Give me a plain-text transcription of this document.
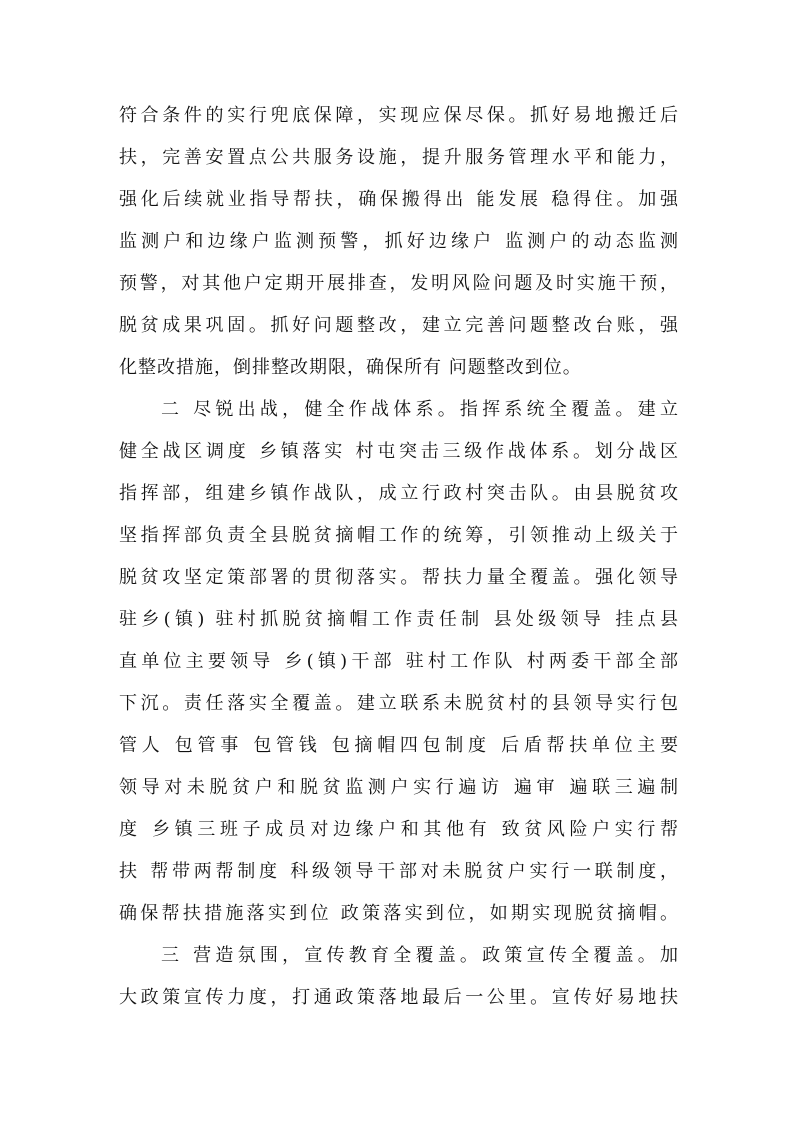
符合条件的实行兜底保障，实现应保尽保。抓好易地搬迁后
扶，完善安置点公共服务设施，提升服务管理水平和能力，
强化后续就业指导帮扶，确保搬得出 能发展 稳得住。加强
监测户和边缘户监测预警，抓好边缘户 监测户的动态监测
预警，对其他户定期开展排查，发明风险问题及时实施干预，
脱贫成果巩固。抓好问题整改，建立完善问题整改台账，强
化整改措施，倒排整改期限，确保所有 问题整改到位。
二 尽锐出战，健全作战体系。指挥系统全覆盖。建立
健全战区调度 乡镇落实 村屯突击三级作战体系。划分战区
指挥部，组建乡镇作战队，成立行政村突击队。由县脱贫攻
坚指挥部负责全县脱贫摘帽工作的统筹，引领推动上级关于
脱贫攻坚定策部署的贯彻落实。帮扶力量全覆盖。强化领导
驻乡(镇) 驻村抓脱贫摘帽工作责任制 县处级领导 挂点县
直单位主要领导 乡(镇)干部 驻村工作队 村两委干部全部
下沉。责任落实全覆盖。建立联系未脱贫村的县领导实行包
管人 包管事 包管钱 包摘帽四包制度 后盾帮扶单位主要
领导对未脱贫户和脱贫监测户实行遍访 遍审 遍联三遍制
度 乡镇三班子成员对边缘户和其他有 致贫风险户实行帮
扶 帮带两帮制度 科级领导干部对未脱贫户实行一联制度，
确保帮扶措施落实到位 政策落实到位，如期实现脱贫摘帽。
三 营造氛围，宣传教育全覆盖。政策宣传全覆盖。加
大政策宣传力度，打通政策落地最后一公里。宣传好易地扶
